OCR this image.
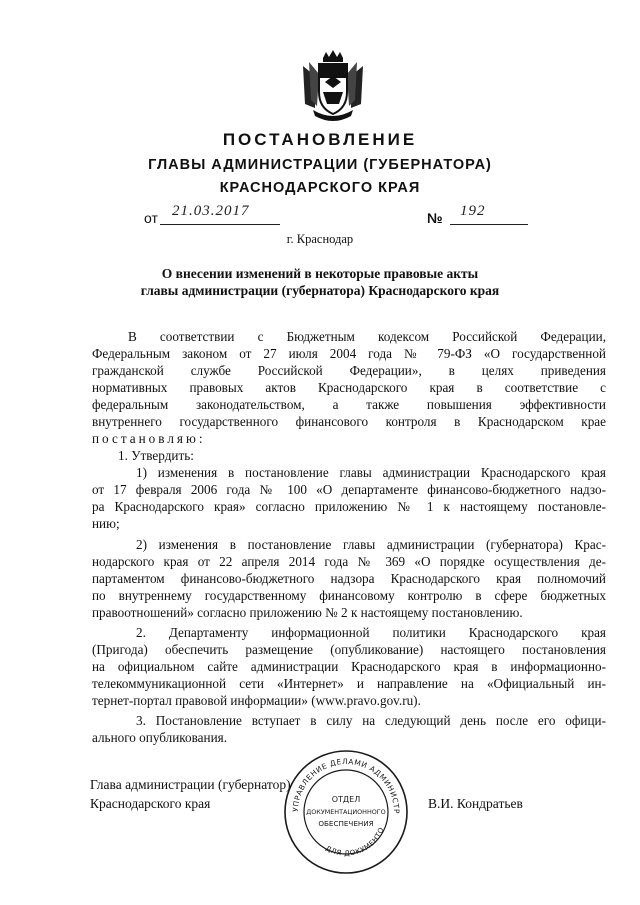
ПОСТАНОВЛЕНИЕ
ГЛАВЫ АДМИНИСТРАЦИИ (ГУБЕРНАТОРА)
КРАСНОДАРСКОГО КРАЯ
от 21.03.2017	№ 192
г. Краснодар
О внесении изменений в некоторые правовые акты
главы администрации (губернатора) Краснодарского края
В соответствии с Бюджетным кодексом Российской Федерации,
Федеральным законом от 27 июля 2004 года № 79-ФЗ «О государственной
гражданской службе Российской Федерации», в целях приведения
нормативных правовых актов Краснодарского края в соответствие с
федеральным законодательством, а также повышения эффективности
внутреннего государственного финансового контроля в Краснодарском крае
постановляю:
1. Утвердить:
1) изменения в постановление главы администрации Краснодарского края
от 17 февраля 2006 года № 100 «О департаменте финансово-бюджетного надзо-
ра Краснодарского края» согласно приложению № 1 к настоящему постановле-
нию;
2) изменения в постановление главы администрации (губернатора) Крас-
нодарского края от 22 апреля 2014 года № 369 «О порядке осуществления де-
партаментом финансово-бюджетного надзора Краснодарского края полномочий
по внутреннему государственному финансовому контролю в сфере бюджетных
правоотношений» согласно приложению № 2 к настоящему постановлению.
2. Департаменту информационной политики Краснодарского края
(Пригода) обеспечить размещение (опубликование) настоящего постановления
на официальном сайте администрации Краснодарского края в информационно-
телекоммуникационной сети «Интернет» и направление на «Официальный ин-
тернет-портал правовой информации» (www.pravo.gov.ru).
3. Постановление вступает в силу на следующий день после его офици-
ального опубликования.
Глава администрации (губернатор)
Краснодарского края	В.И. Кондратьев
УПРАВЛЕНИЕ ДЕЛАМИ АДМИНИСТР
ДЛЯ ДОКУМЕНТО
ОТДЕЛ
ДОКУМЕНТАЦИОННОГО
ОБЕСПЕЧЕНИЯ
